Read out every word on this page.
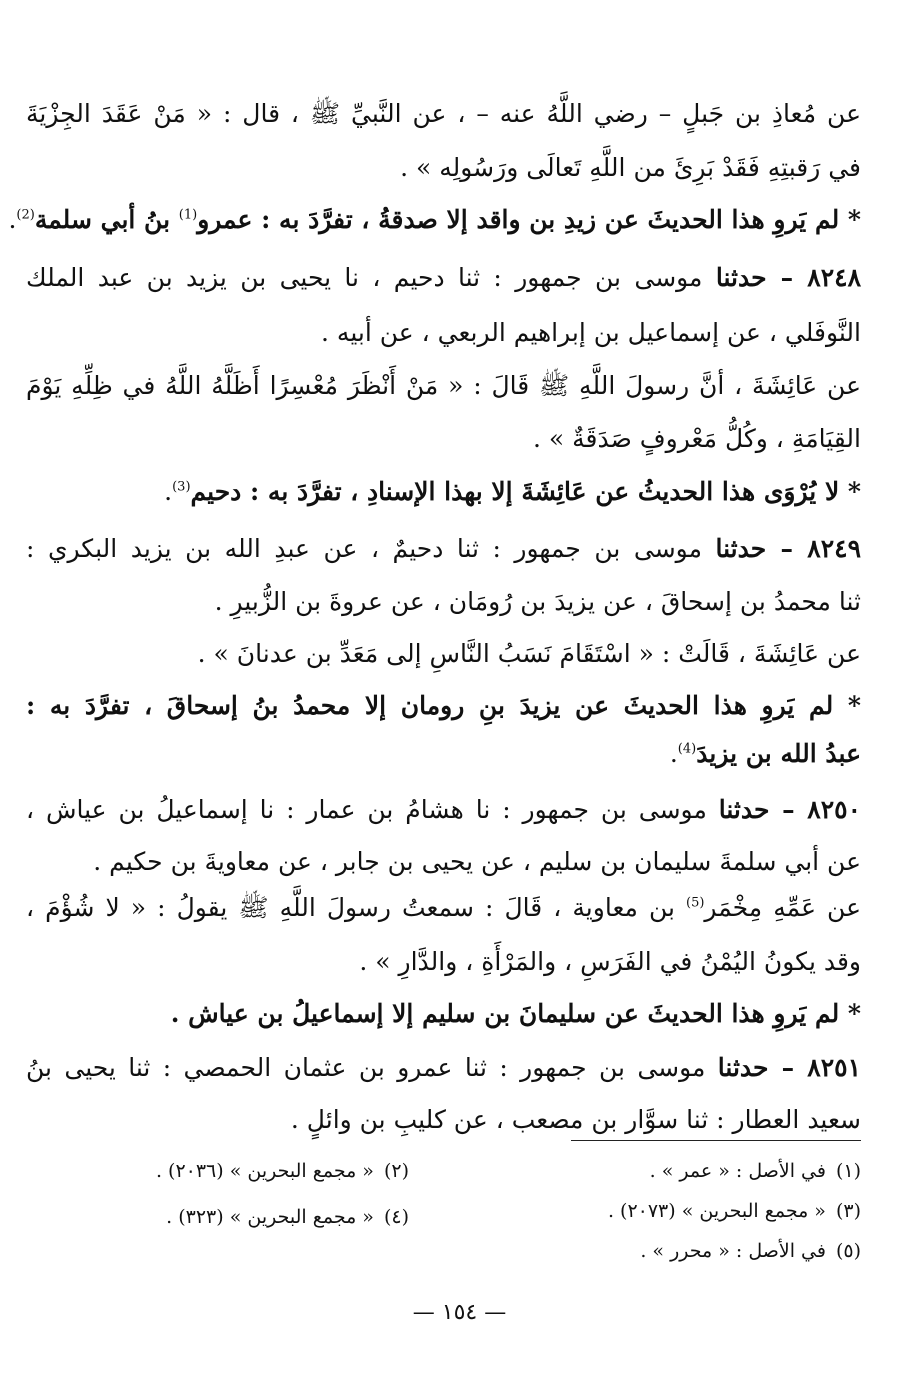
عن مُعاذِ بن جَبلٍ – رضي اللَّهُ عنه – ، عن النَّبيِّ ﷺ ، قال : « مَنْ عَقَدَ الجِزْيَةَ
في رَقبتِهِ فَقَدْ بَرِئَ من اللَّهِ تَعالَى ورَسُولِه » .
* لم يَروِ هذا الحديثَ عن زيدِ بن واقد إلا صدقةُ ، تفرَّدَ به : عمرو$^{(1)}$ بنُ أبي سلمة$^{(2)}$.
٨٢٤٨ – حدثنا موسى بن جمهور : ثنا دحيم ، نا يحيى بن يزيد بن عبد الملك
النَّوفَلي ، عن إسماعيل بن إبراهيم الربعي ، عن أبيه .
عن عَائِشَةَ ، أنَّ رسولَ اللَّهِ ﷺ قَالَ : « مَنْ أَنْظَرَ مُعْسِرًا أَظَلَّهُ اللَّهُ في ظِلِّهِ يَوْمَ
القِيَامَةِ ، وكُلُّ مَعْروفٍ صَدَقَةٌ » .
* لا يُرْوَى هذا الحديثُ عن عَائِشَةَ إلا بهذا الإسنادِ ، تفرَّدَ به : دحيم$^{(3)}$.
٨٢٤٩ – حدثنا موسى بن جمهور : ثنا دحيمٌ ، عن عبدِ الله بن يزيد البكري :
ثنا محمدُ بن إسحاقَ ، عن يزيدَ بن رُومَان ، عن عروةَ بن الزُّبيرِ .
عن عَائِشَةَ ، قَالَتْ : « اسْتَقَامَ نَسَبُ النَّاسِ إلى مَعَدِّ بن عدنانَ » .
* لم يَروِ هذا الحديثَ عن يزيدَ بنِ رومان إلا محمدُ بنُ إسحاقَ ، تفرَّدَ به :
عبدُ الله بن يزيدَ$^{(4)}$.
٨٢٥٠ – حدثنا موسى بن جمهور : نا هشامُ بن عمار : نا إسماعيلُ بن عياش ،
عن أبي سلمةَ سليمان بن سليم ، عن يحيى بن جابر ، عن معاويةَ بن حكيم .
عن عَمِّهِ مِخْمَر$^{(5)}$ بن معاوية ، قَالَ : سمعتُ رسولَ اللَّهِ ﷺ يقولُ : « لا شُؤْمَ ،
وقد يكونُ اليُمْنُ في الفَرَسِ ، والمَرْأَةِ ، والدَّارِ » .
* لم يَروِ هذا الحديثَ عن سليمانَ بن سليم إلا إسماعيلُ بن عياش .
٨٢٥١ – حدثنا موسى بن جمهور : ثنا عمرو بن عثمان الحمصي : ثنا يحيى بنُ
سعيد العطار : ثنا سوَّار بن مصعب ، عن كليبِ بن وائلٍ .
(١)في الأصل : « عمر » .
(٢)« مجمع البحرين » (٢٠٣٦) .
(٣)« مجمع البحرين » (٢٠٧٣) .
(٤)« مجمع البحرين » (٣٢٣) .
(٥)في الأصل : « محرر » .
— ١٥٤ —
